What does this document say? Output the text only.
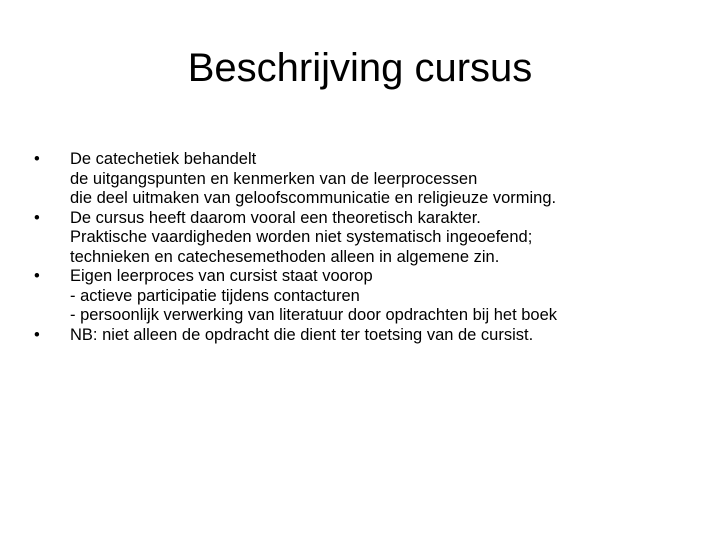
Beschrijving cursus
•	De catechetiek behandelt
de uitgangspunten en kenmerken van de leerprocessen
die deel uitmaken van geloofscommunicatie en religieuze vorming.
•	De cursus heeft daarom vooral een theoretisch karakter.
Praktische vaardigheden worden niet systematisch ingeoefend;
technieken en catechesemethoden alleen in algemene zin.
•	Eigen leerproces van cursist staat voorop
- actieve participatie tijdens contacturen
- persoonlijk verwerking van literatuur door opdrachten bij het boek
•	NB: niet alleen de opdracht die dient ter toetsing van de cursist.
